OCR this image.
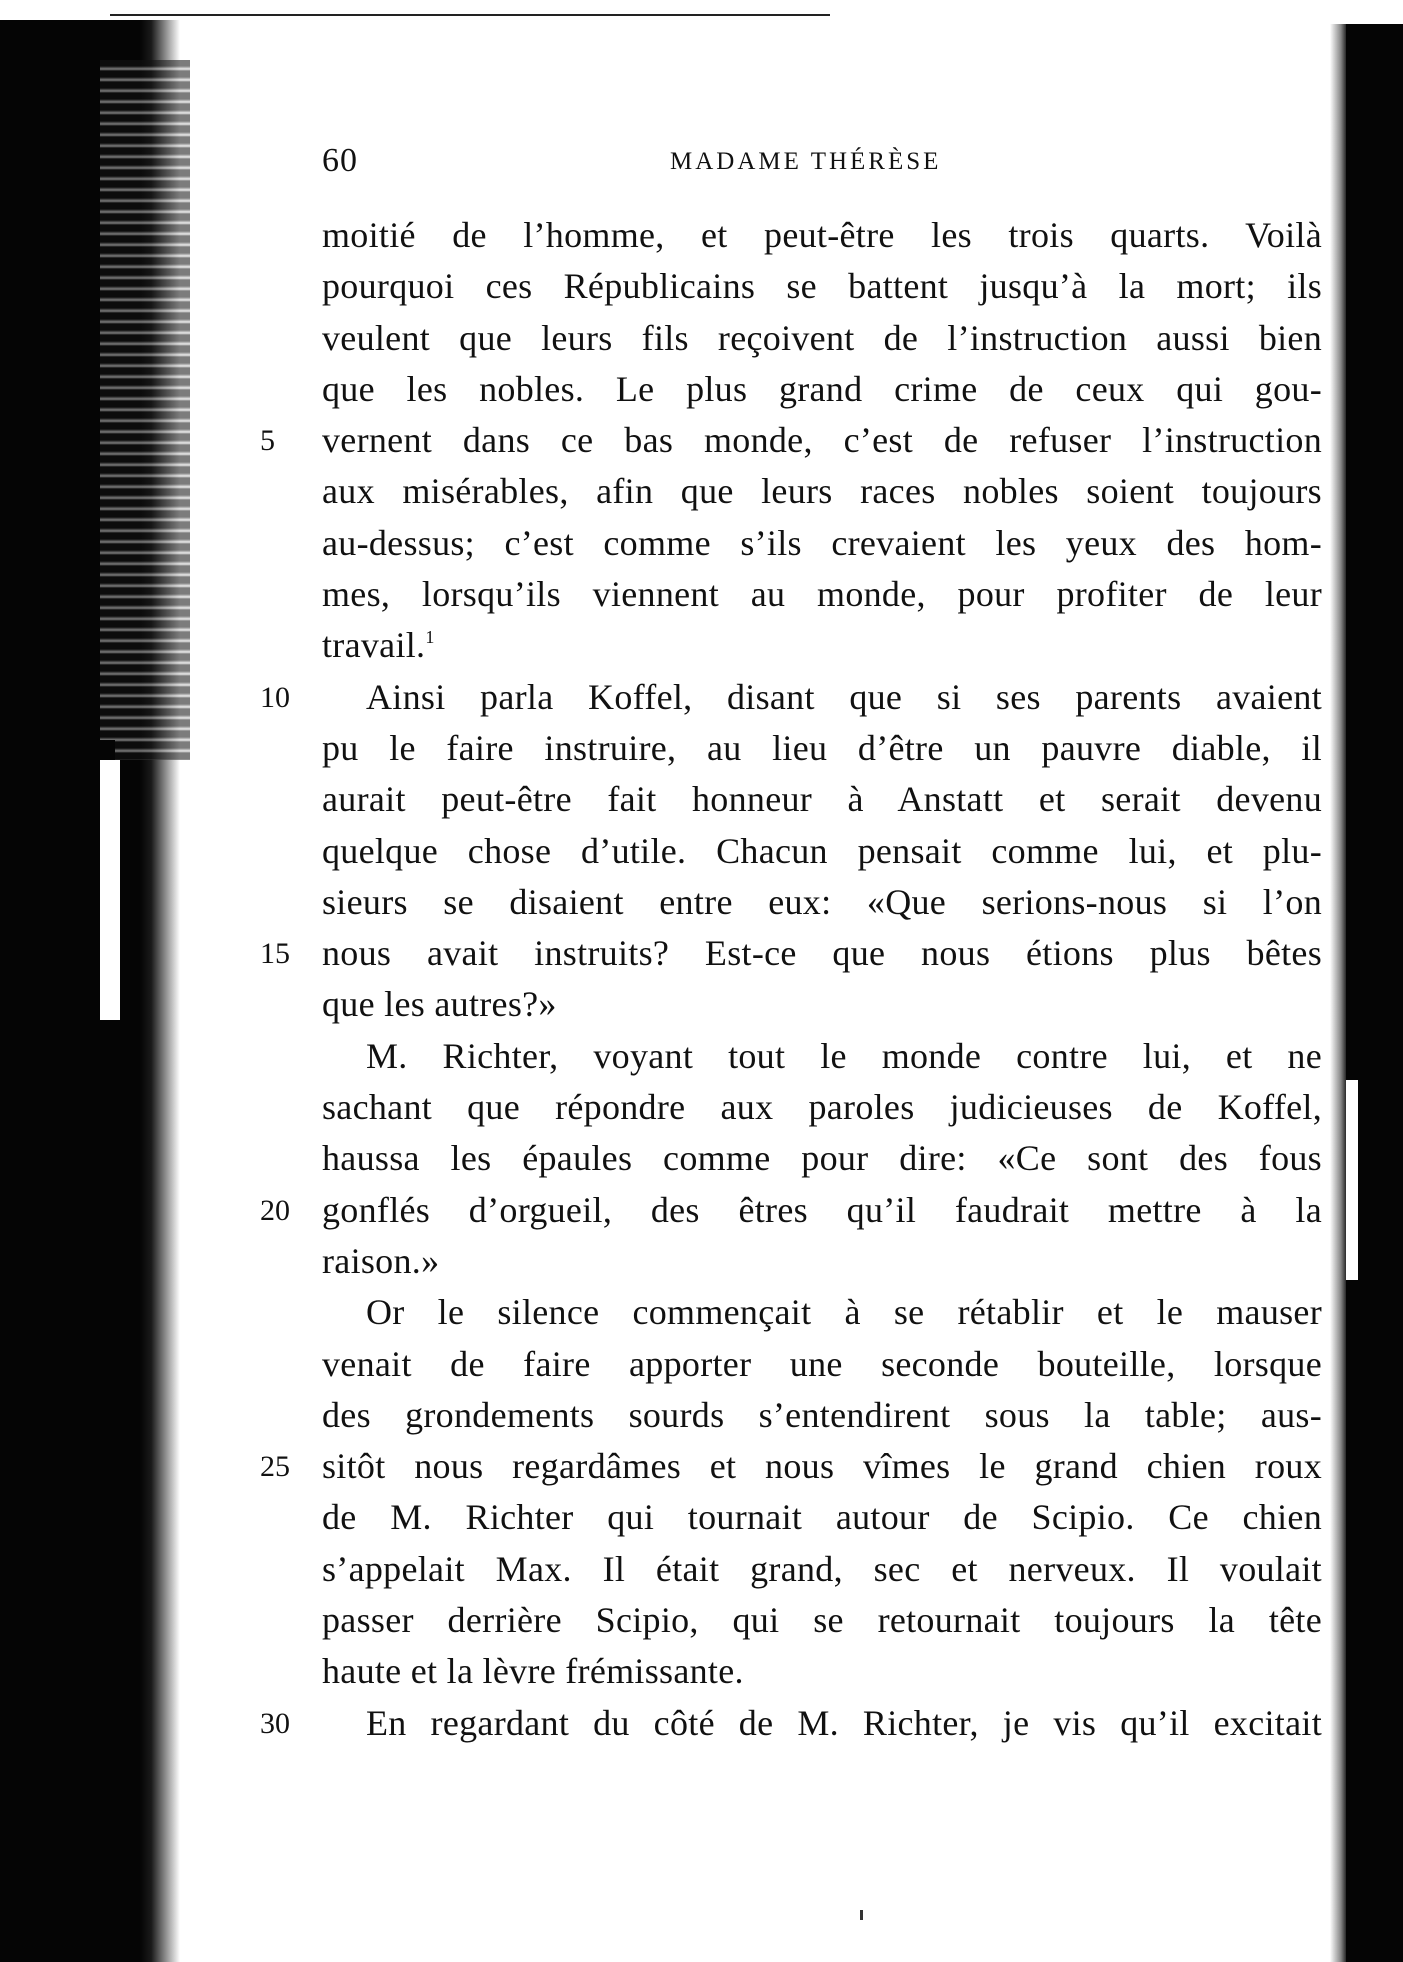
60	MADAME THÉRÈSE
moitié de l’homme, et peut-être les trois quarts. Voilà
pourquoi ces Républicains se battent jusqu’à la mort; ils
veulent que leurs fils reçoivent de l’instruction aussi bien
que les nobles. Le plus grand crime de ceux qui gou-
5	vernent dans ce bas monde, c’est de refuser l’instruction
aux misérables, afin que leurs races nobles soient toujours
au-dessus; c’est comme s’ils crevaient les yeux des hom-
mes, lorsqu’ils viennent au monde, pour profiter de leur
travail.$^1$
10	Ainsi parla Koffel, disant que si ses parents avaient
pu le faire instruire, au lieu d’être un pauvre diable, il
aurait peut-être fait honneur à Anstatt et serait devenu
quelque chose d’utile. Chacun pensait comme lui, et plu-
sieurs se disaient entre eux: «Que serions-nous si l’on
15 nous avait instruits? Est-ce que nous étions plus bêtes
que les autres?»
M. Richter, voyant tout le monde contre lui, et ne
sachant que répondre aux paroles judicieuses de Koffel,
haussa les épaules comme pour dire: «Ce sont des fous
20 gonflés d’orgueil, des êtres qu’il faudrait mettre à la
raison.»
Or le silence commençait à se rétablir et le mauser
venait de faire apporter une seconde bouteille, lorsque
des grondements sourds s’entendirent sous la table; aus-
25 sitôt nous regardâmes et nous vîmes le grand chien roux
de M. Richter qui tournait autour de Scipio. Ce chien
s’appelait Max. Il était grand, sec et nerveux. Il voulait
passer derrière Scipio, qui se retournait toujours la tête
haute et la lèvre frémissante.
30	En regardant du côté de M. Richter, je vis qu’il excitait
